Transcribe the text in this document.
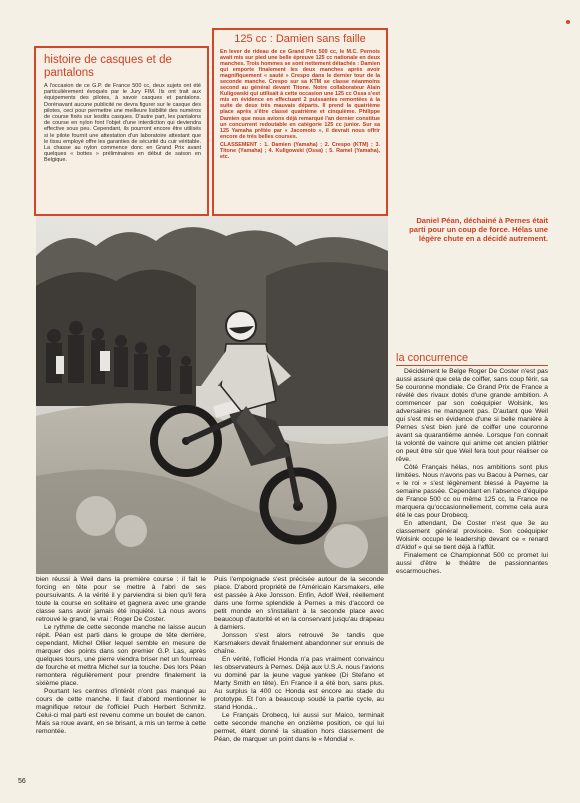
histoire de casques et de pantalons

A l'occasion de ce G.P. de France 500 cc, deux sujets ont été particulièrement évoqués par le Jury FIM. Ils ont trait aux équipements des pilotes, à savoir casques et pantalons. Dorénavant aucune publicité ne devra figurer sur le casque des pilotes, ceci pour permettre une meilleure lisibilité des numéros de course fixés sur lesdits casques. D'autre part, les pantalons de course en nylon font l'objet d'une interdiction qui deviendra effective sous peu. Cependant, ils pourront encore être utilisés si le pilote fournit une attestation d'un laboratoire attestant que le tissu employé offre les garanties de sécurité du cuir véritable. La chasse au nylon commence donc en Grand Prix avant quelques « bottes » préliminaires en début de saison en Belgique.

125 cc : Damien sans faille

En lever de rideau de ce Grand Prix 500 cc, le M.C. Pernois avait mis sur pied une belle épreuve 125 cc nationale en deux manches. Trois hommes se sont nettement détachés : Damien qui emporte finalement les deux manches après avoir magnifiquement « sauté » Crespo dans le dernier tour de la seconde manche. Crespo sur sa KTM se classe néanmoins second au général devant Titone. Notre collaborateur Alain Kuligowski qui utilisait à cette occasion une 125 cc Ossa s'est mis en évidence en effectuant 2 puissantes remontées à la suite de deux très mauvais départs. Il prend la quatrième place après s'être classé quatrième et cinquième. Philippe Damien que nous avions déjà remarqué l'an dernier constitue un concurrent redoutable en catégorie 125 cc junior. Sur sa 125 Yamaha prêtée par « Jacomoto », il devrait nous offrir encore de très belles courses.

CLASSEMENT : 1. Damien (Yamaha) ; 2. Crespo (KTM) ; 3. Titone (Yamaha) ; 4. Kuligowski (Ossa) ; 5. Ramel (Yamaha), etc.

Daniel Péan, déchainé à Pernes était parti pour un coup de force. Hélas une légère chute en a décidé autrement.
la concurrence

Décidément le Belge Roger De Coster n'est pas aussi assuré que cela de coiffer, sans coup férir, sa 5e couronne mondiale. Ce Grand Prix de France a révélé des rivaux dotés d'une grande ambition. A commencer par son coéquipier Wolsink, les adversaires ne manquent pas. D'autant que Weil qui s'est mis en évidence d'une si belle manière à Pernes s'est bien juré de coiffer une couronne avant sa quarantième année. Lorsque l'on connait la volonté de vaincre qui anime cet ancien plâtrier on peut être sûr que Weil fera tout pour réaliser ce rêve.

Côté Français hélas, nos ambitions sont plus limitées. Nous n'avons pas vu Bacou à Pernes, car « le roi » s'est légèrement blessé à Payerne la semaine passée. Cependant en l'absence d'équipe de France 500 cc ou même 125 cc, la France ne marquera qu'occasionnellement, comme cela aura été le cas pour Drobecq.

En attendant, De Coster n'est que 3e au classement général provisoire. Son coéquipier Wolsink occupe le leadership devant ce « renard d'Aldof » qui se tient déjà à l'affût.

Finalement ce Championnat 500 cc promet lui aussi d'être le théâtre de passionnantes escarmouches.

bien réussi à Weil dans la première course : il fait le forcing en tête pour se mettre à l'abri de ses poursuivants. A la vérité il y parviendra si bien qu'il fera toute la course en solitaire et gagnera avec une grande classe sans avoir jamais été inquiété. Là nous avons retrouvé le grand, le vrai : Roger De Coster.

Le rythme de cette seconde manche ne laisse aucun répit. Péan est parti dans le groupe de tête derrière, cependant, Michel Ollier lequel semble en mesure de marquer des points dans son premier G.P. Las, après quelques tours, une pierre viendra briser net un fourreau de fourche et mettra Michel sur la touche. Des lors Péan remontera régulièrement pour prendre finalement la sixième place.

Pourtant les centres d'intérêt n'ont pas manqué au cours de cette manche. Il faut d'abord mentionner le magnifique retour de l'officiel Puch Herbert Schmitz. Celui-ci mal parti est revenu comme un boulet de canon. Mais sa roue avant, en se brisant, a mis un terme à cette remontée.

Puis l'empoignade s'est précisée autour de la seconde place. D'abord propriété de l'Américain Karsmakers, elle est passée à Ake Jonsson. Enfin, Adolf Weil, réellement dans une forme splendide à Pernes a mis d'accord ce petit monde en s'installant à la seconde place avec beaucoup d'autorité et en la conservant jusqu'au drapeau à damiers.

Jonsson s'est alors retrouvé 3e tandis que Karsmakers devait finalement abandonner sur ennuis de chaîne.

En vérité, l'officiel Honda n'a pas vraiment convaincu les observateurs à Pernes. Déjà aux U.S.A. nous l'avions vu dominé par la jeune vague yankee (Di Stefano et Marty Smith en tête). En France il a été bon, sans plus. Au surplus la 400 cc Honda est encore au stade du prototype. Et l'on a beaucoup soudé la partie cycle, au stand Honda...

Le Français Drobecq, lui aussi sur Maico, terminait cette seconde manche en onzième position, ce qui lui permet, étant donné la situation hors classement de Péan, de marquer un point dans le « Mondial ».

56
